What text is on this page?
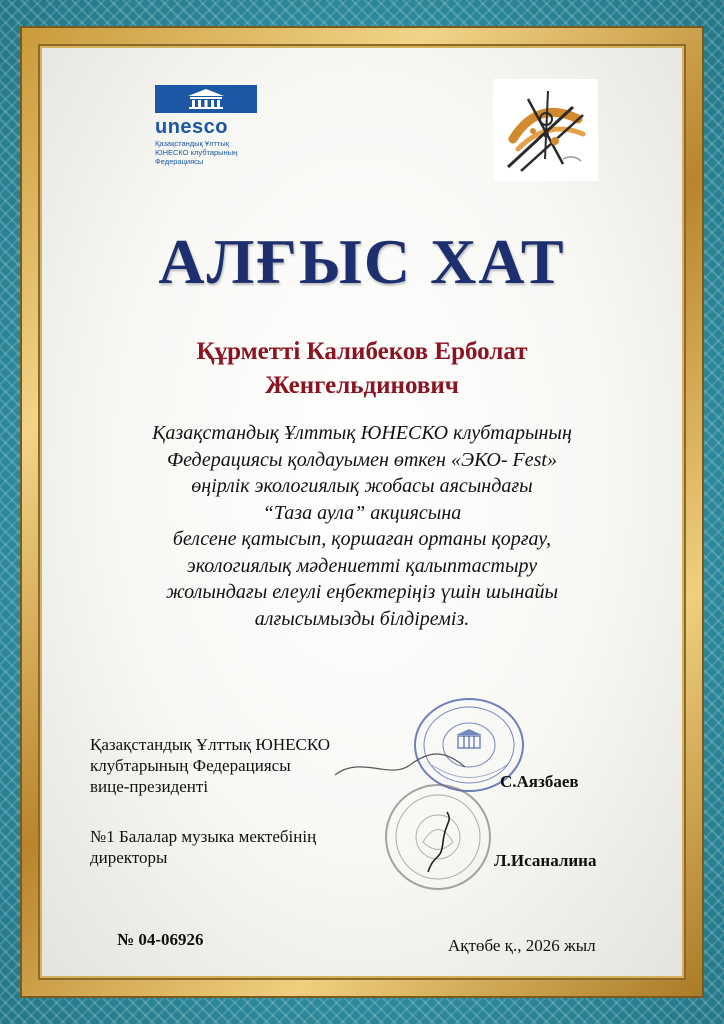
unesco
Қазақстандық Ұлттық
ЮНЕСКО клубтарының
Федерациясы
АЛҒЫС ХАТ
Құрметті Калибеков Ерболат
Женгельдинович
Қазақстандық Ұлттық ЮНЕСКО клубтарының
Федерациясы қолдауымен өткен «ЭКО- Fest»
өңірлік экологиялық жобасы аясындағы
“Таза аула” акциясына
белсене қатысып, қоршаған ортаны қорғау,
экологиялық мәдениетті қалыптастыру
жолындағы елеулі еңбектеріңіз үшін шынайы
алғысымызды білдіреміз.
Қазақстандық Ұлттық ЮНЕСКО
клубтарының Федерациясы
вице-президенті	С.Аязбаев
№1 Балалар музыка мектебінің
директоры	Л.Исаналина
№ 04-06926	Ақтөбе қ., 2026 жыл
